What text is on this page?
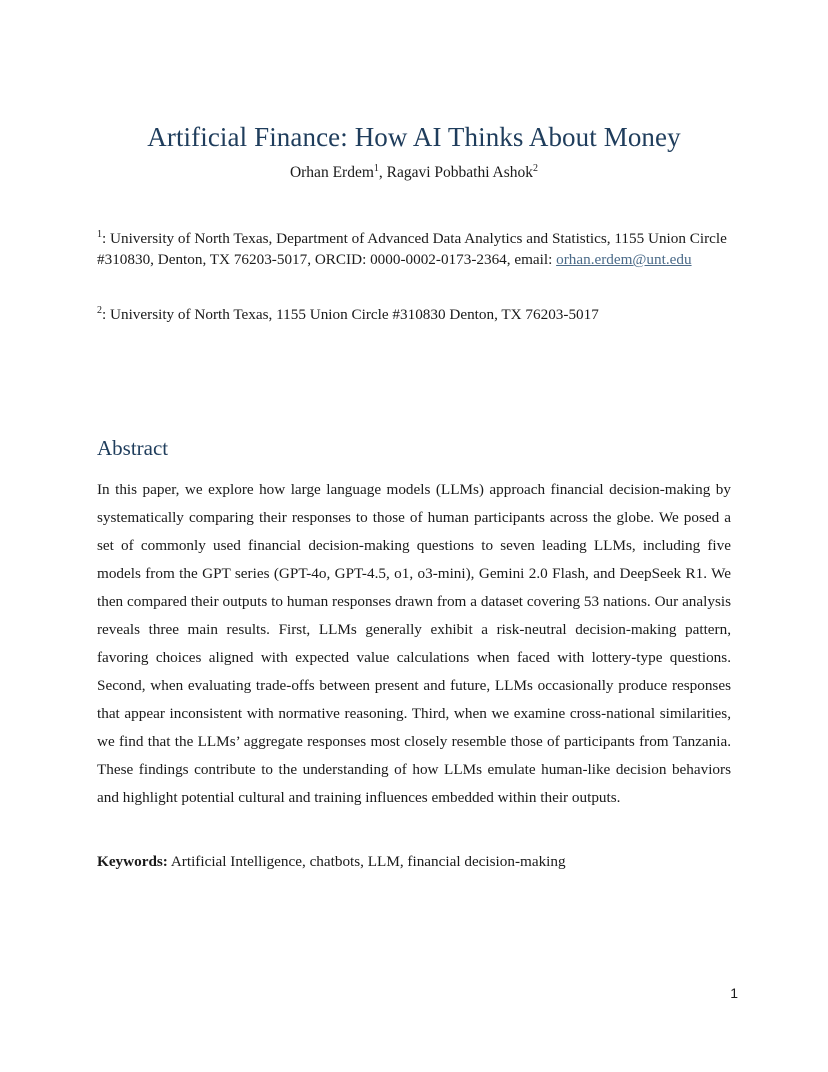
Artificial Finance: How AI Thinks About Money
Orhan Erdem$^1$, Ragavi Pobbathi Ashok$^2$

$^1$: University of North Texas, Department of Advanced Data Analytics and Statistics, 1155 Union Circle #310830, Denton, TX 76203-5017, ORCID: 0000-0002-0173-2364, email: orhan.erdem@unt.edu

$^2$: University of North Texas, 1155 Union Circle #310830 Denton, TX 76203-5017

Abstract

In this paper, we explore how large language models (LLMs) approach financial decision-making by systematically comparing their responses to those of human participants across the globe. We posed a set of commonly used financial decision-making questions to seven leading LLMs, including five models from the GPT series (GPT-4o, GPT-4.5, o1, o3-mini), Gemini 2.0 Flash, and DeepSeek R1. We then compared their outputs to human responses drawn from a dataset covering 53 nations. Our analysis reveals three main results. First, LLMs generally exhibit a risk-neutral decision-making pattern, favoring choices aligned with expected value calculations when faced with lottery-type questions. Second, when evaluating trade-offs between present and future, LLMs occasionally produce responses that appear inconsistent with normative reasoning. Third, when we examine cross-national similarities, we find that the LLMs’ aggregate responses most closely resemble those of participants from Tanzania. These findings contribute to the understanding of how LLMs emulate human-like decision behaviors and highlight potential cultural and training influences embedded within their outputs.

Keywords: Artificial Intelligence, chatbots, LLM, financial decision-making

1
